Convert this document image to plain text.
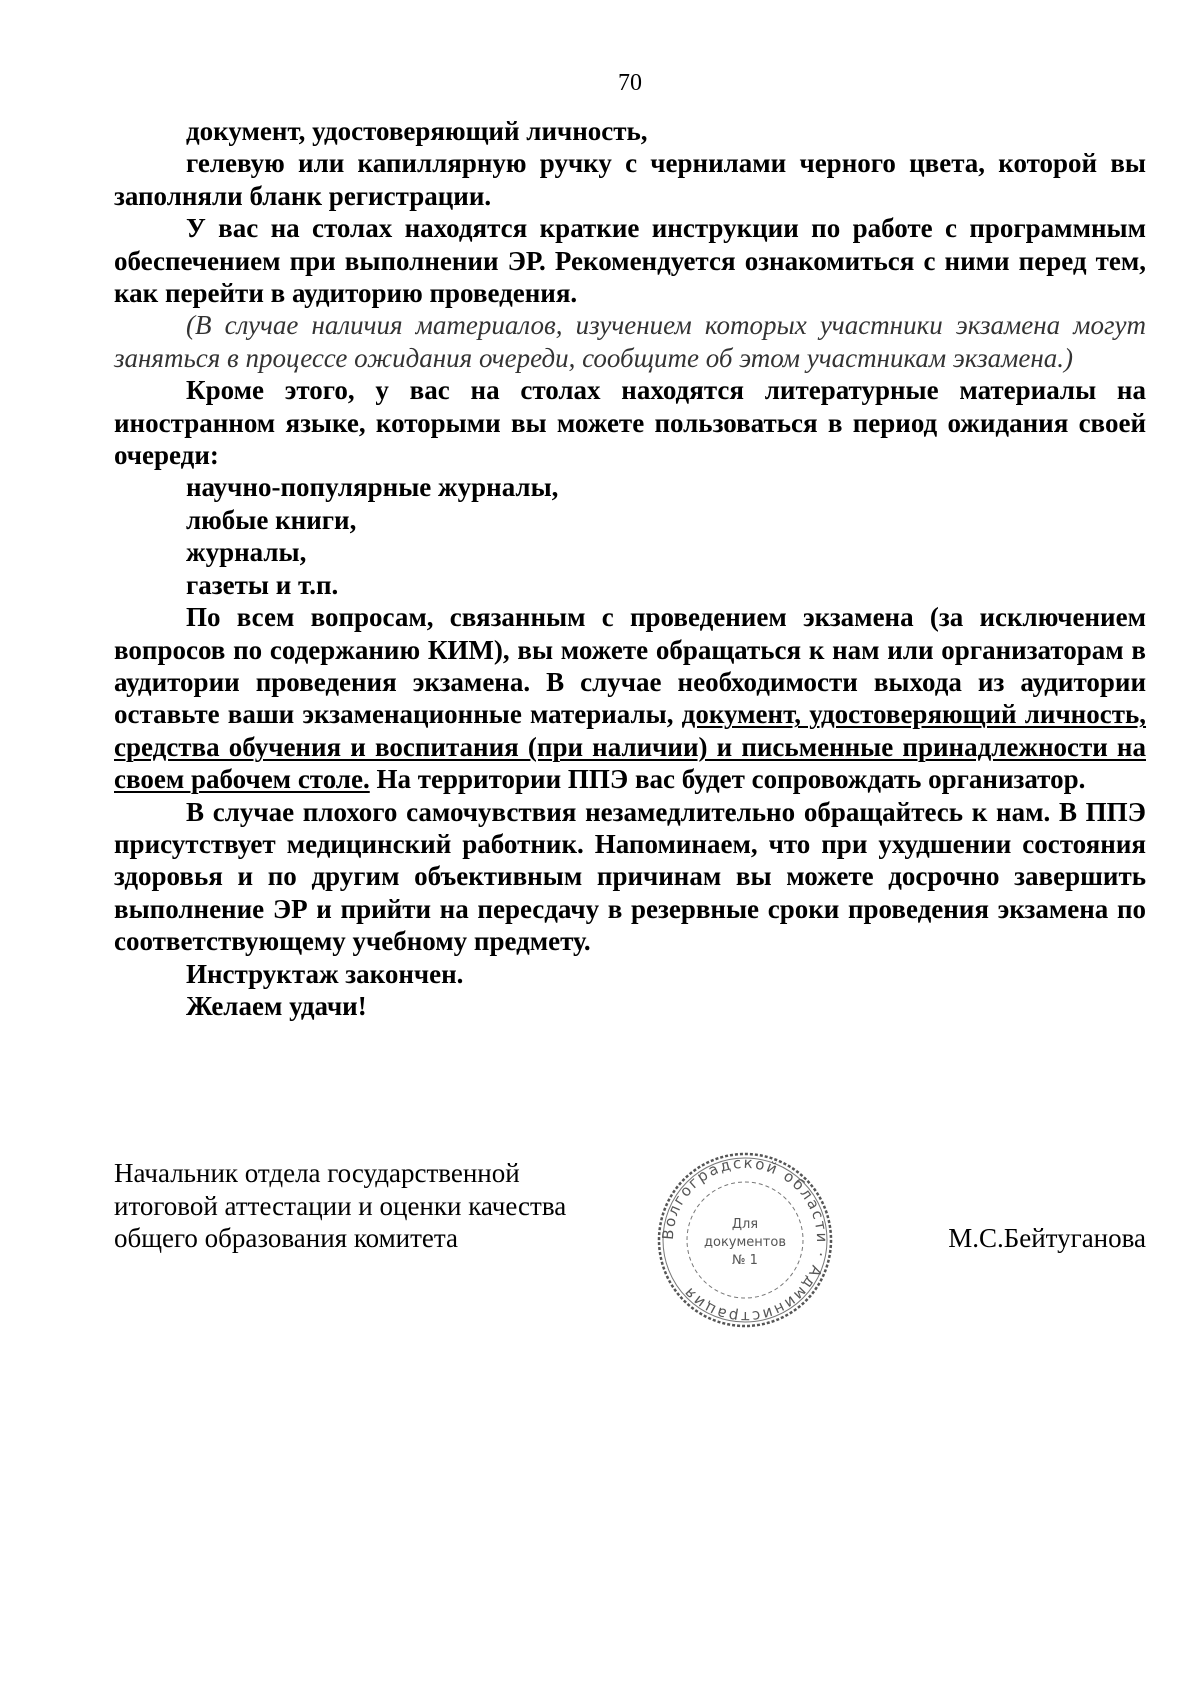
70

документ, удостоверяющий личность,

гелевую или капиллярную ручку с чернилами черного цвета, которой вы заполняли бланк регистрации.

У вас на столах находятся краткие инструкции по работе с программным обеспечением при выполнении ЭР. Рекомендуется ознакомиться с ними перед тем, как перейти в аудиторию проведения.

(В случае наличия материалов, изучением которых участники экзамена могут заняться в процессе ожидания очереди, сообщите об этом участникам экзамена.)

Кроме этого, у вас на столах находятся литературные материалы на иностранном языке, которыми вы можете пользоваться в период ожидания своей очереди:

научно-популярные журналы,

любые книги,

журналы,

газеты и т.п.

По всем вопросам, связанным с проведением экзамена (за исключением вопросов по содержанию КИМ), вы можете обращаться к нам или организаторам в аудитории проведения экзамена. В случае необходимости выхода из аудитории оставьте ваши экзаменационные материалы, документ, удостоверяющий личность, средства обучения и воспитания (при наличии) и письменные принадлежности на своем рабочем столе. На территории ППЭ вас будет сопровождать организатор.

В случае плохого самочувствия незамедлительно обращайтесь к нам. В ППЭ присутствует медицинский работник. Напоминаем, что при ухудшении состояния здоровья и по другим объективным причинам вы можете досрочно завершить выполнение ЭР и прийти на пересдачу в резервные сроки проведения экзамена по соответствующему учебному предмету.

Инструктаж закончен.

Желаем удачи!

Начальник отдела государственной
итоговой аттестации и оценки качества
общего образования комитета	Волгоградской области · Администрация
Для
документов
№ 1
М.С.Бейтуганова
